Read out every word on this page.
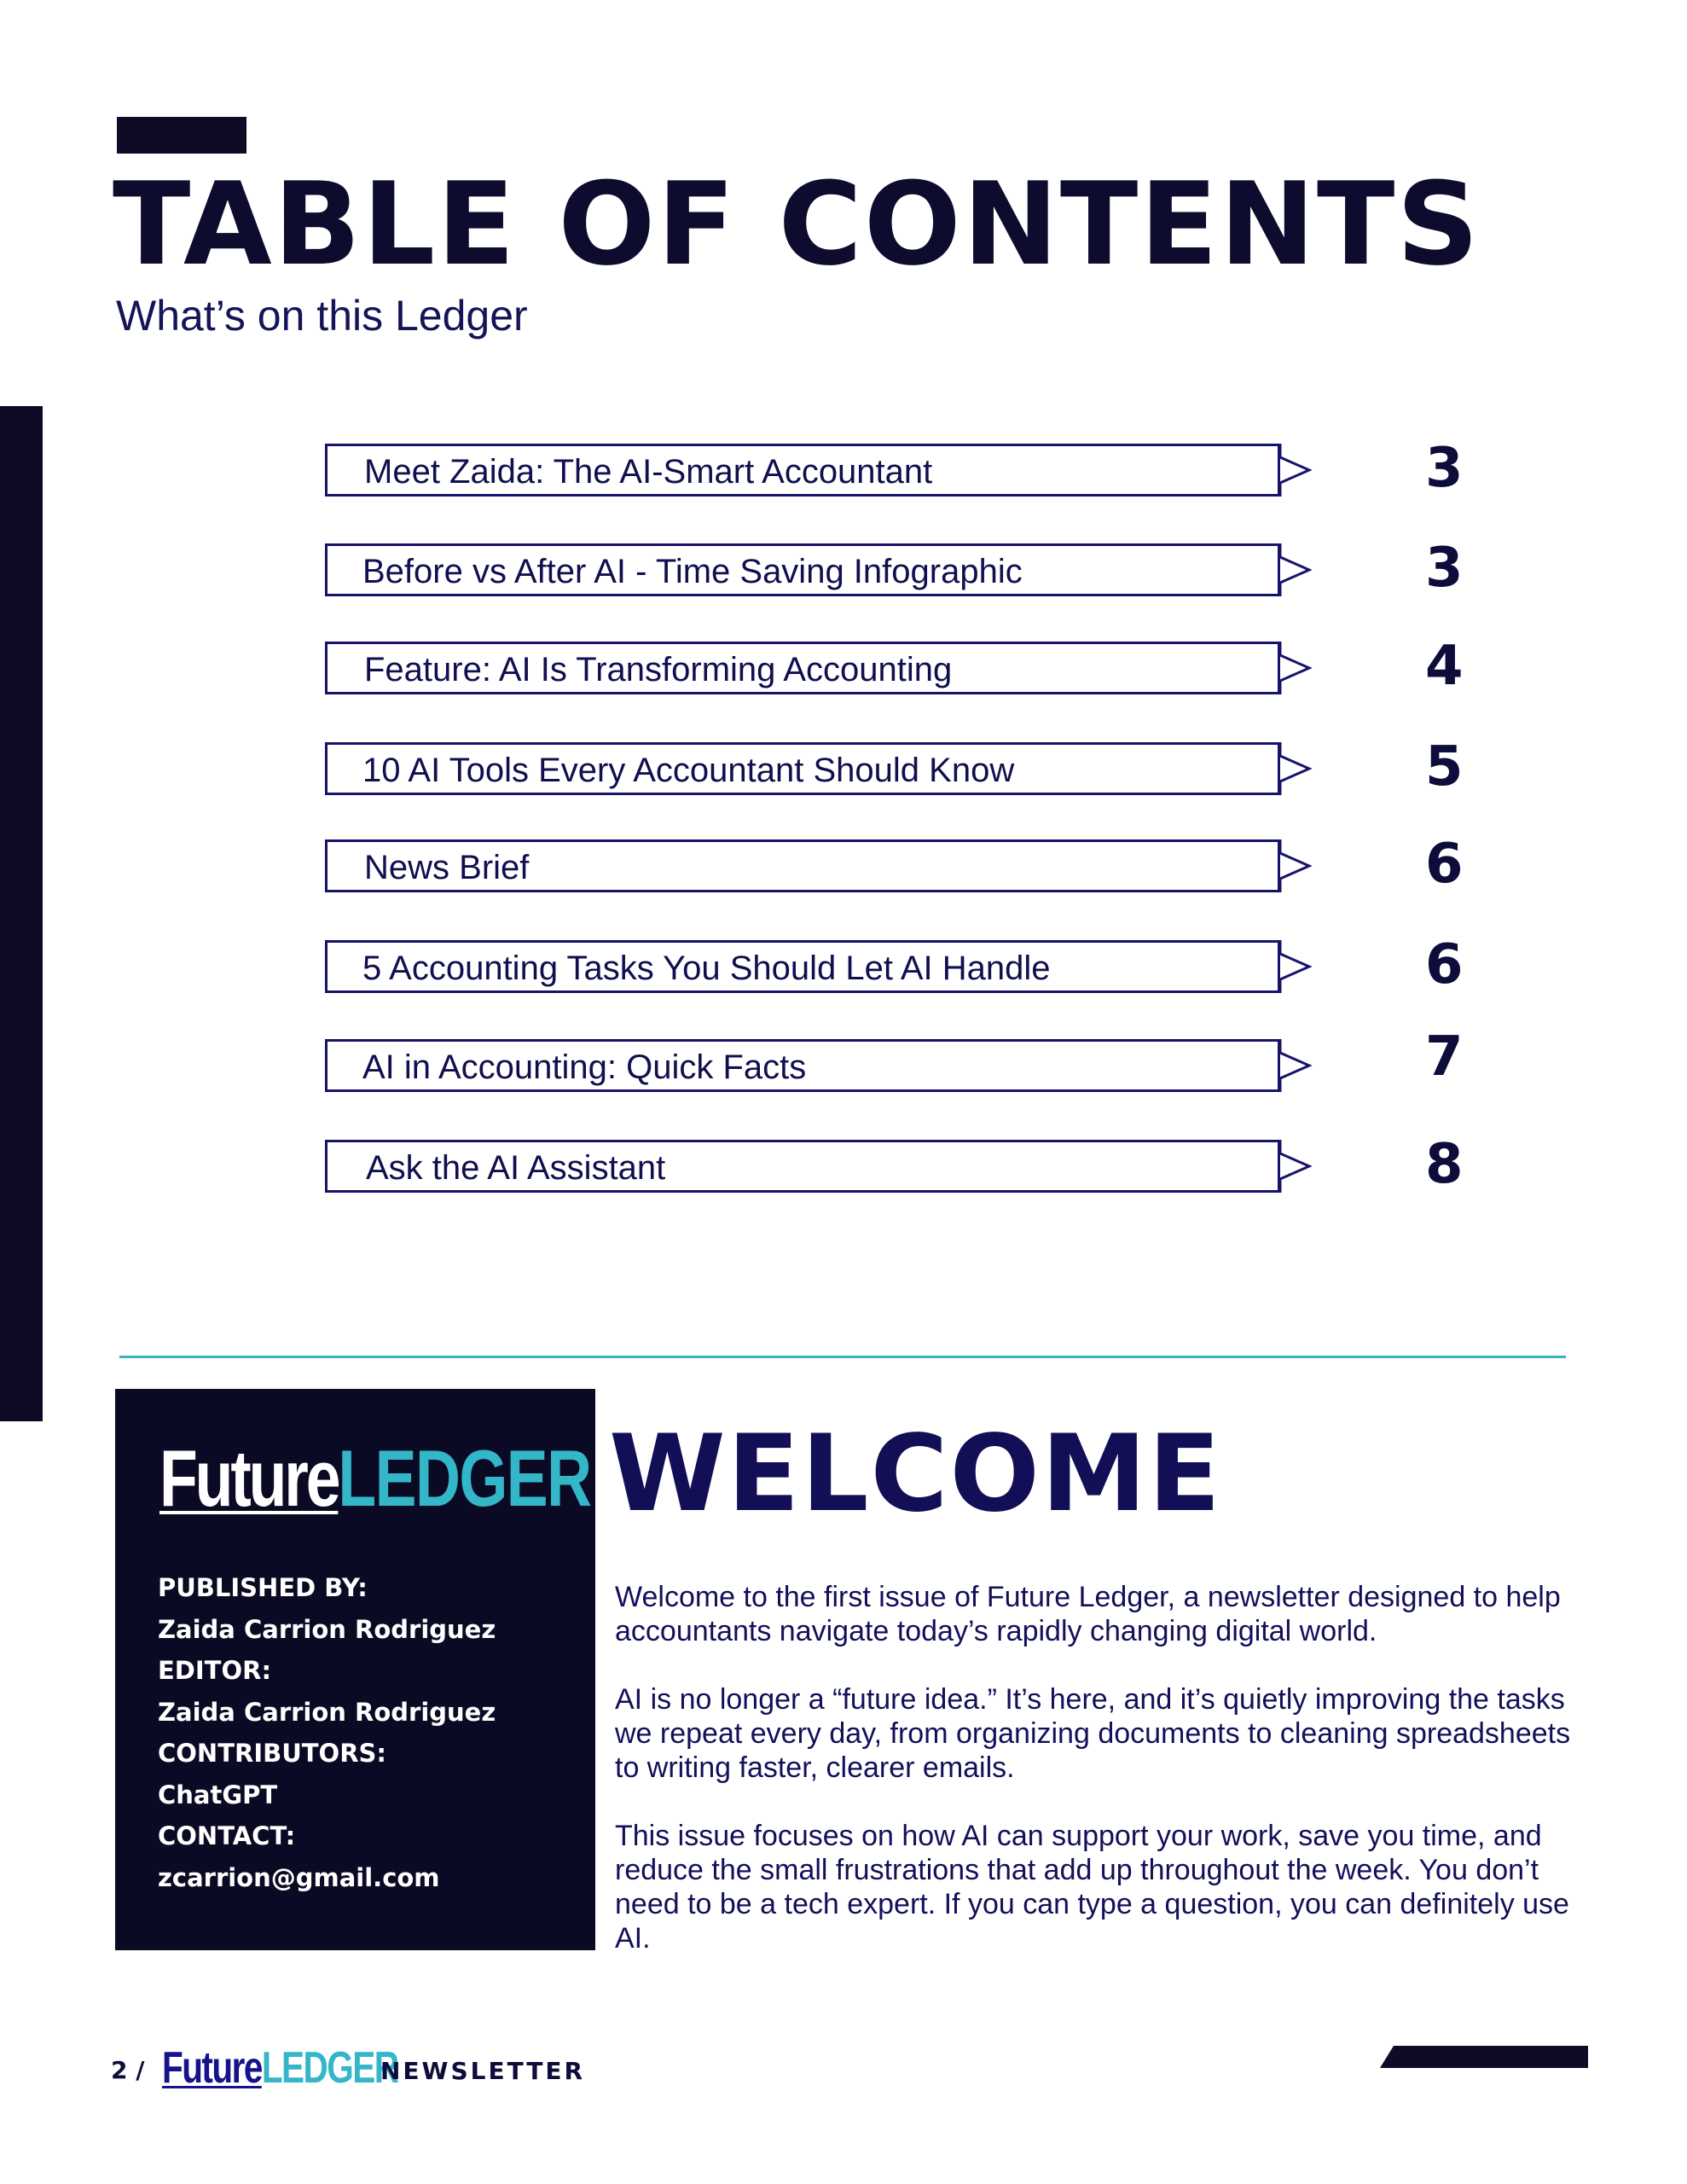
TABLE OF CONTENTS
What’s on this Ledger
Meet Zaida: The AI-Smart Accountant	3
Before vs After AI - Time Saving Infographic	3
Feature: AI Is Transforming Accounting	4
10 AI Tools Every Accountant Should Know	5
News Brief	6
5 Accounting Tasks You Should Let AI Handle	6
AI in Accounting: Quick Facts	7
Ask the AI Assistant	8
FutureLEDGER
PUBLISHED BY:
Zaida Carrion Rodriguez
EDITOR:
Zaida Carrion Rodriguez
CONTRIBUTORS:
ChatGPT
CONTACT:
zcarrion@gmail.com
WELCOME

Welcome to the first issue of Future Ledger, a newsletter designed to help accountants navigate today’s rapidly changing digital world.

AI is no longer a “future idea.” It’s here, and it’s quietly improving the tasks we repeat every day, from organizing documents to cleaning spreadsheets to writing faster, clearer emails.

This issue focuses on how AI can support your work, save you time, and reduce the small frustrations that add up throughout the week. You don’t need to be a tech expert. If you can type a question, you can definitely use AI.

2 / FutureLEDGER
NEWSLETTER
